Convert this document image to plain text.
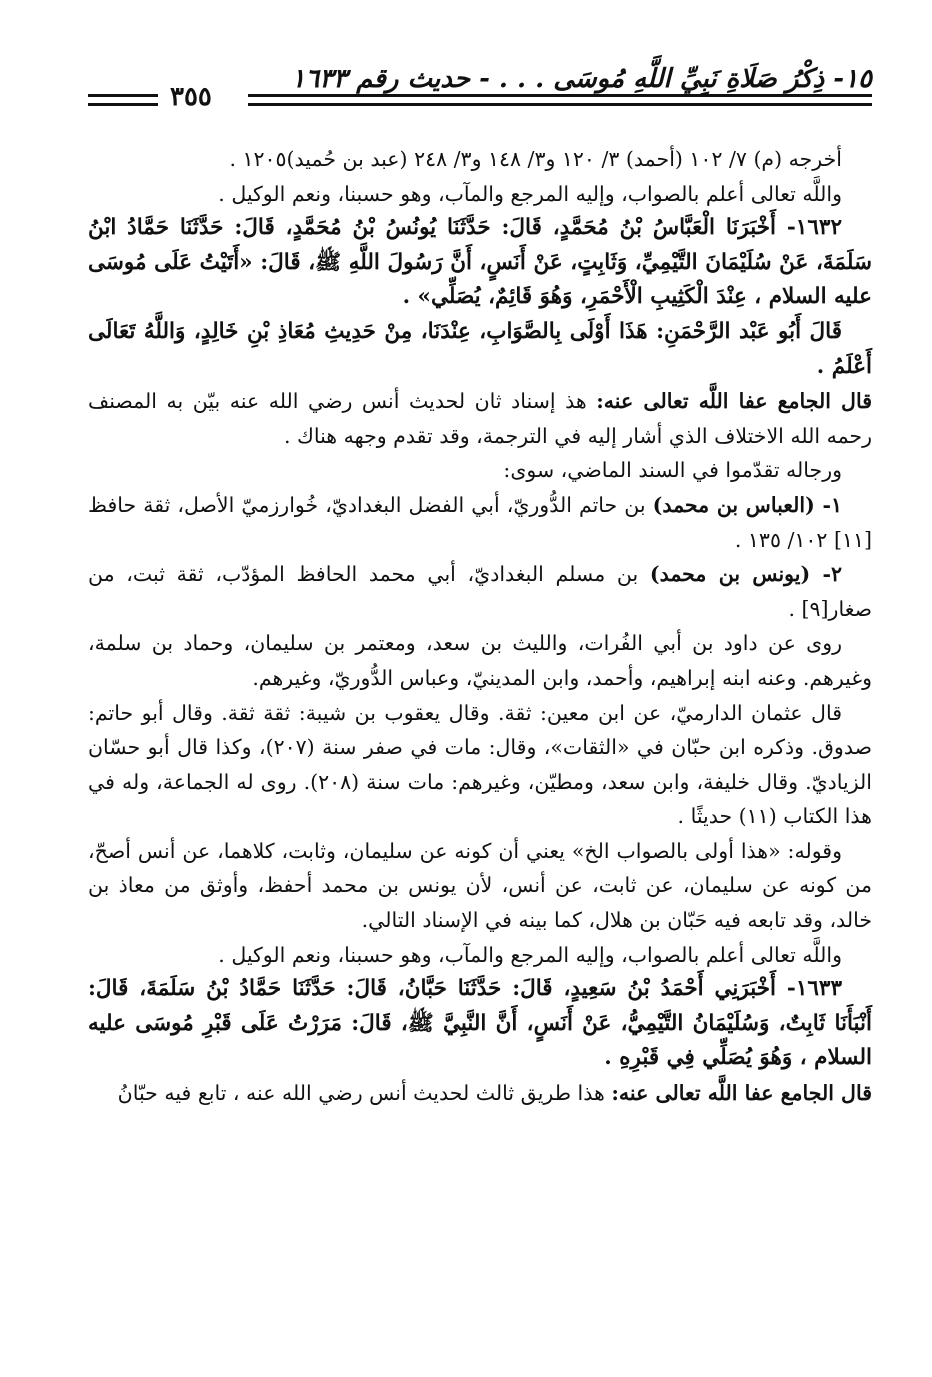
٣٥٥
١٥- ذِكْرُ صَلَاةِ نَبِيِّ اللَّهِ مُوسَى . . . - حديث رقم ١٦٣٣

أخرجه (م) ٧/ ١٠٢ (أحمد) ٣/ ١٢٠ و٣/ ١٤٨ و٣/ ٢٤٨ (عبد بن حُميد)١٢٠٥ .

واللَّه تعالى أعلم بالصواب، وإليه المرجع والمآب، وهو حسبنا، ونعم الوكيل .

١٦٣٢- أَخْبَرَنَا الْعَبَّاسُ بْنُ مُحَمَّدٍ، قَالَ: حَدَّثَنَا يُونُسُ بْنُ مُحَمَّدٍ، قَالَ: حَدَّثَنَا حَمَّادُ ابْنُ سَلَمَةَ، عَنْ سُلَيْمَانَ التَّيْمِيِّ، وَثَابِتٍ، عَنْ أَنَسٍ، أَنَّ رَسُولَ اللَّهِ ﷺ، قَالَ: «أَتَيْتُ عَلَى مُوسَى عليه السلام ، عِنْدَ الْكَثِيبِ الْأَحْمَرِ، وَهُوَ قَائِمٌ، يُصَلِّي» .

قَالَ أَبُو عَبْد الرَّحْمَنِ: هَذَا أَوْلَى بِالصَّوَابِ، عِنْدَنَا، مِنْ حَدِيثِ مُعَاذِ بْنِ خَالِدٍ، وَاللَّهُ تَعَالَى أَعْلَمُ .

قال الجامع عفا اللَّه تعالى عنه: هذ إسناد ثان لحديث أنس رضي الله عنه بيّن به المصنف رحمه الله الاختلاف الذي أشار إليه في الترجمة، وقد تقدم وجهه هناك .

ورجاله تقدّموا في السند الماضي، سوى:

١- (العباس بن محمد) بن حاتم الدُّوريّ، أبي الفضل البغداديّ، خُوارزميّ الأصل، ثقة حافظ [١١] ١٠٢/ ١٣٥ .

٢- (يونس بن محمد) بن مسلم البغداديّ، أبي محمد الحافظ المؤدّب، ثقة ثبت، من صغار[٩] .

روى عن داود بن أبي الفُرات، والليث بن سعد، ومعتمر بن سليمان، وحماد بن سلمة، وغيرهم. وعنه ابنه إبراهيم، وأحمد، وابن المدينيّ، وعباس الدُّوريّ، وغيرهم.

قال عثمان الدارميّ، عن ابن معين: ثقة. وقال يعقوب بن شيبة: ثقة ثقة. وقال أبو حاتم: صدوق. وذكره ابن حبّان في «الثقات»، وقال: مات في صفر سنة (٢٠٧)، وكذا قال أبو حسّان الزياديّ. وقال خليفة، وابن سعد، ومطيّن، وغيرهم: مات سنة (٢٠٨). روى له الجماعة، وله في هذا الكتاب (١١) حديثًا .

وقوله: «هذا أولى بالصواب الخ» يعني أن كونه عن سليمان، وثابت، كلاهما، عن أنس أصحّ، من كونه عن سليمان، عن ثابت، عن أنس، لأن يونس بن محمد أحفظ، وأوثق من معاذ بن خالد، وقد تابعه فيه حَبّان بن هلال، كما بينه في الإسناد التالي.

واللَّه تعالى أعلم بالصواب، وإليه المرجع والمآب، وهو حسبنا، ونعم الوكيل .

١٦٣٣- أَخْبَرَنِي أَحْمَدُ بْنُ سَعِيدٍ، قَالَ: حَدَّثَنَا حَبَّانُ، قَالَ: حَدَّثَنَا حَمَّادُ بْنُ سَلَمَةَ، قَالَ: أَنْبَأَنَا ثَابِتٌ، وَسُلَيْمَانُ التَّيْمِيُّ، عَنْ أَنَسٍ، أَنَّ النَّبِيَّ ﷺ، قَالَ: مَرَرْتُ عَلَى قَبْرِ مُوسَى عليه السلام ، وَهُوَ يُصَلِّي فِي قَبْرِهِ .

قال الجامع عفا اللَّه تعالى عنه: هذا طريق ثالث لحديث أنس رضي الله عنه ، تابع فيه حبّانُ
